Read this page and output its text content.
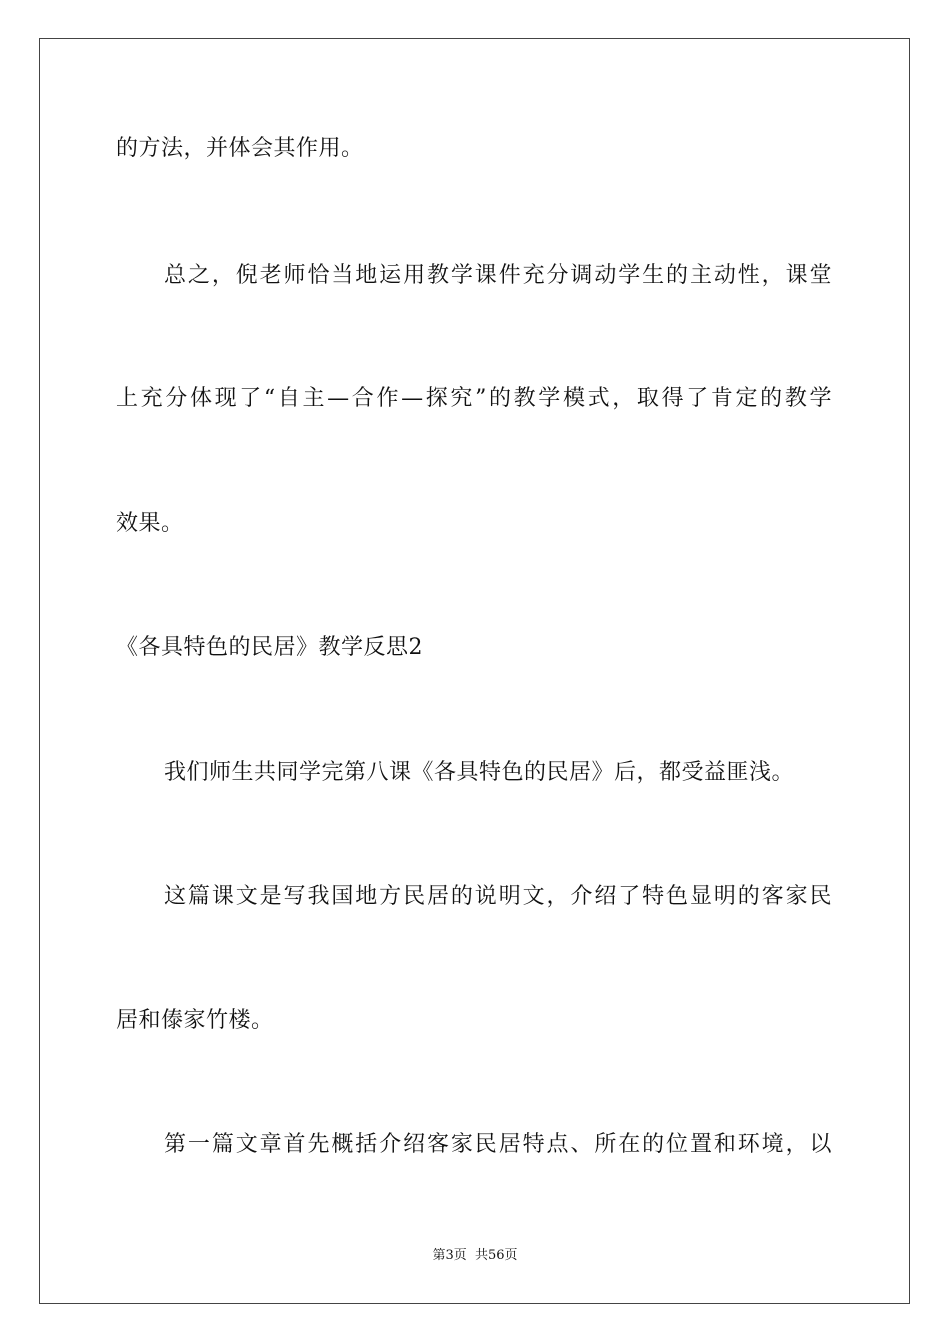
的方法，并体会其作用。
总之，倪老师恰当地运用教学课件充分调动学生的主动性，课堂
上充分体现了“自主—合作—探究”的教学模式，取得了肯定的教学
效果。
《各具特色的民居》教学反思2
我们师生共同学完第八课《各具特色的民居》后，都受益匪浅。
这篇课文是写我国地方民居的说明文，介绍了特色显明的客家民
居和傣家竹楼。
第一篇文章首先概括介绍客家民居特点、所在的位置和环境，以
第3页 共56页
